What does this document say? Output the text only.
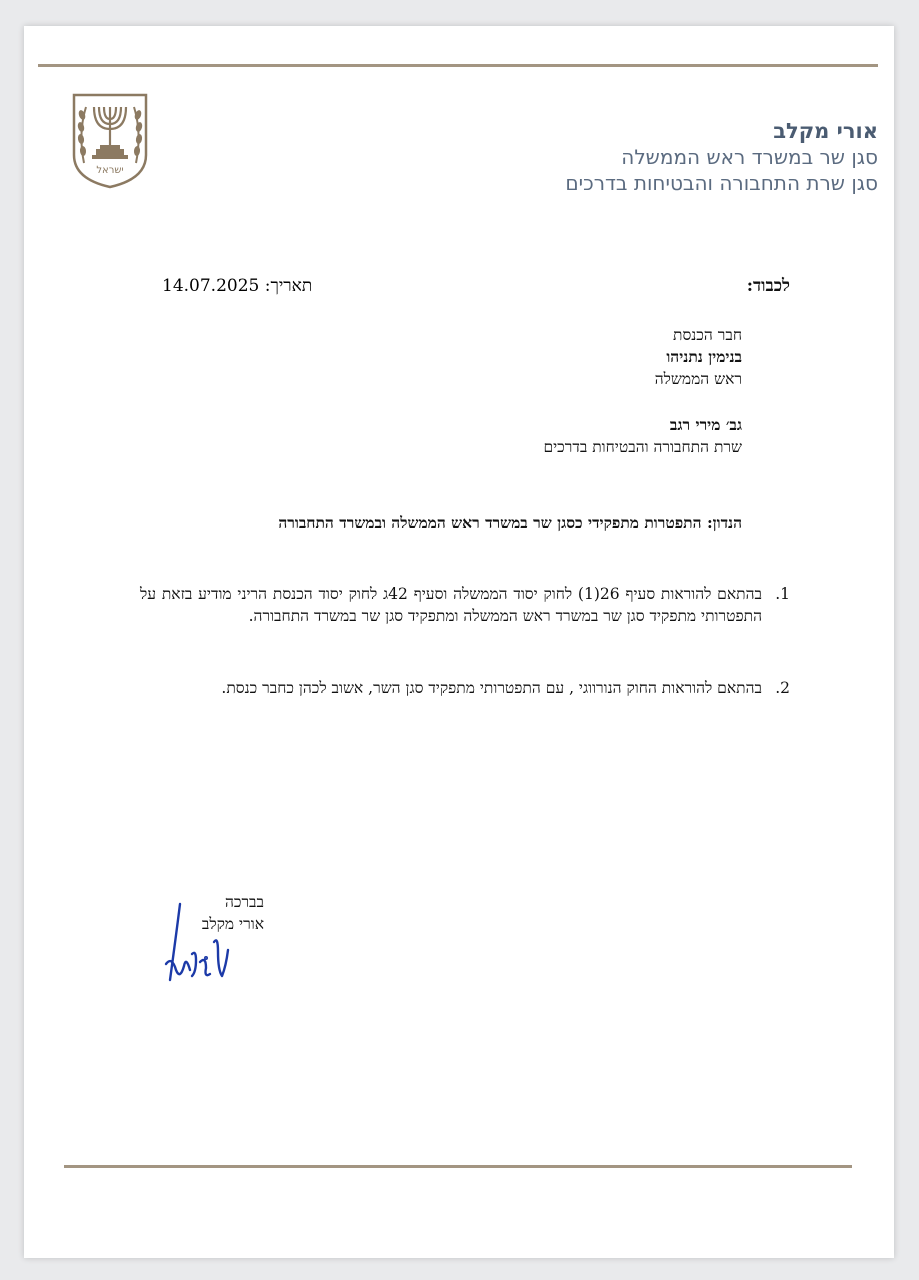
ישראל
אורי מקלב
סגן שר במשרד ראש הממשלה
סגן שרת התחבורה והבטיחות בדרכים
לכבוד:
תאריך: 14.07.2025
חבר הכנסת
בנימין נתניהו
ראש הממשלה
גב׳ מירי רגב
שרת התחבורה והבטיחות בדרכים
הנדון: התפטרות מתפקידי כסגן שר במשרד ראש הממשלה ובמשרד התחבורה
1.
בהתאם להוראות סעיף 26(1) לחוק יסוד הממשלה וסעיף 42ג לחוק יסוד הכנסת הריני מודיע בזאת על התפטרותי מתפקיד סגן שר במשרד ראש הממשלה ומתפקיד סגן שר במשרד התחבורה.
2.
בהתאם להוראות החוק הנורווגי , עם התפטרותי מתפקיד סגן השר, אשוב לכהן כחבר כנסת.
בברכה
אורי מקלב
